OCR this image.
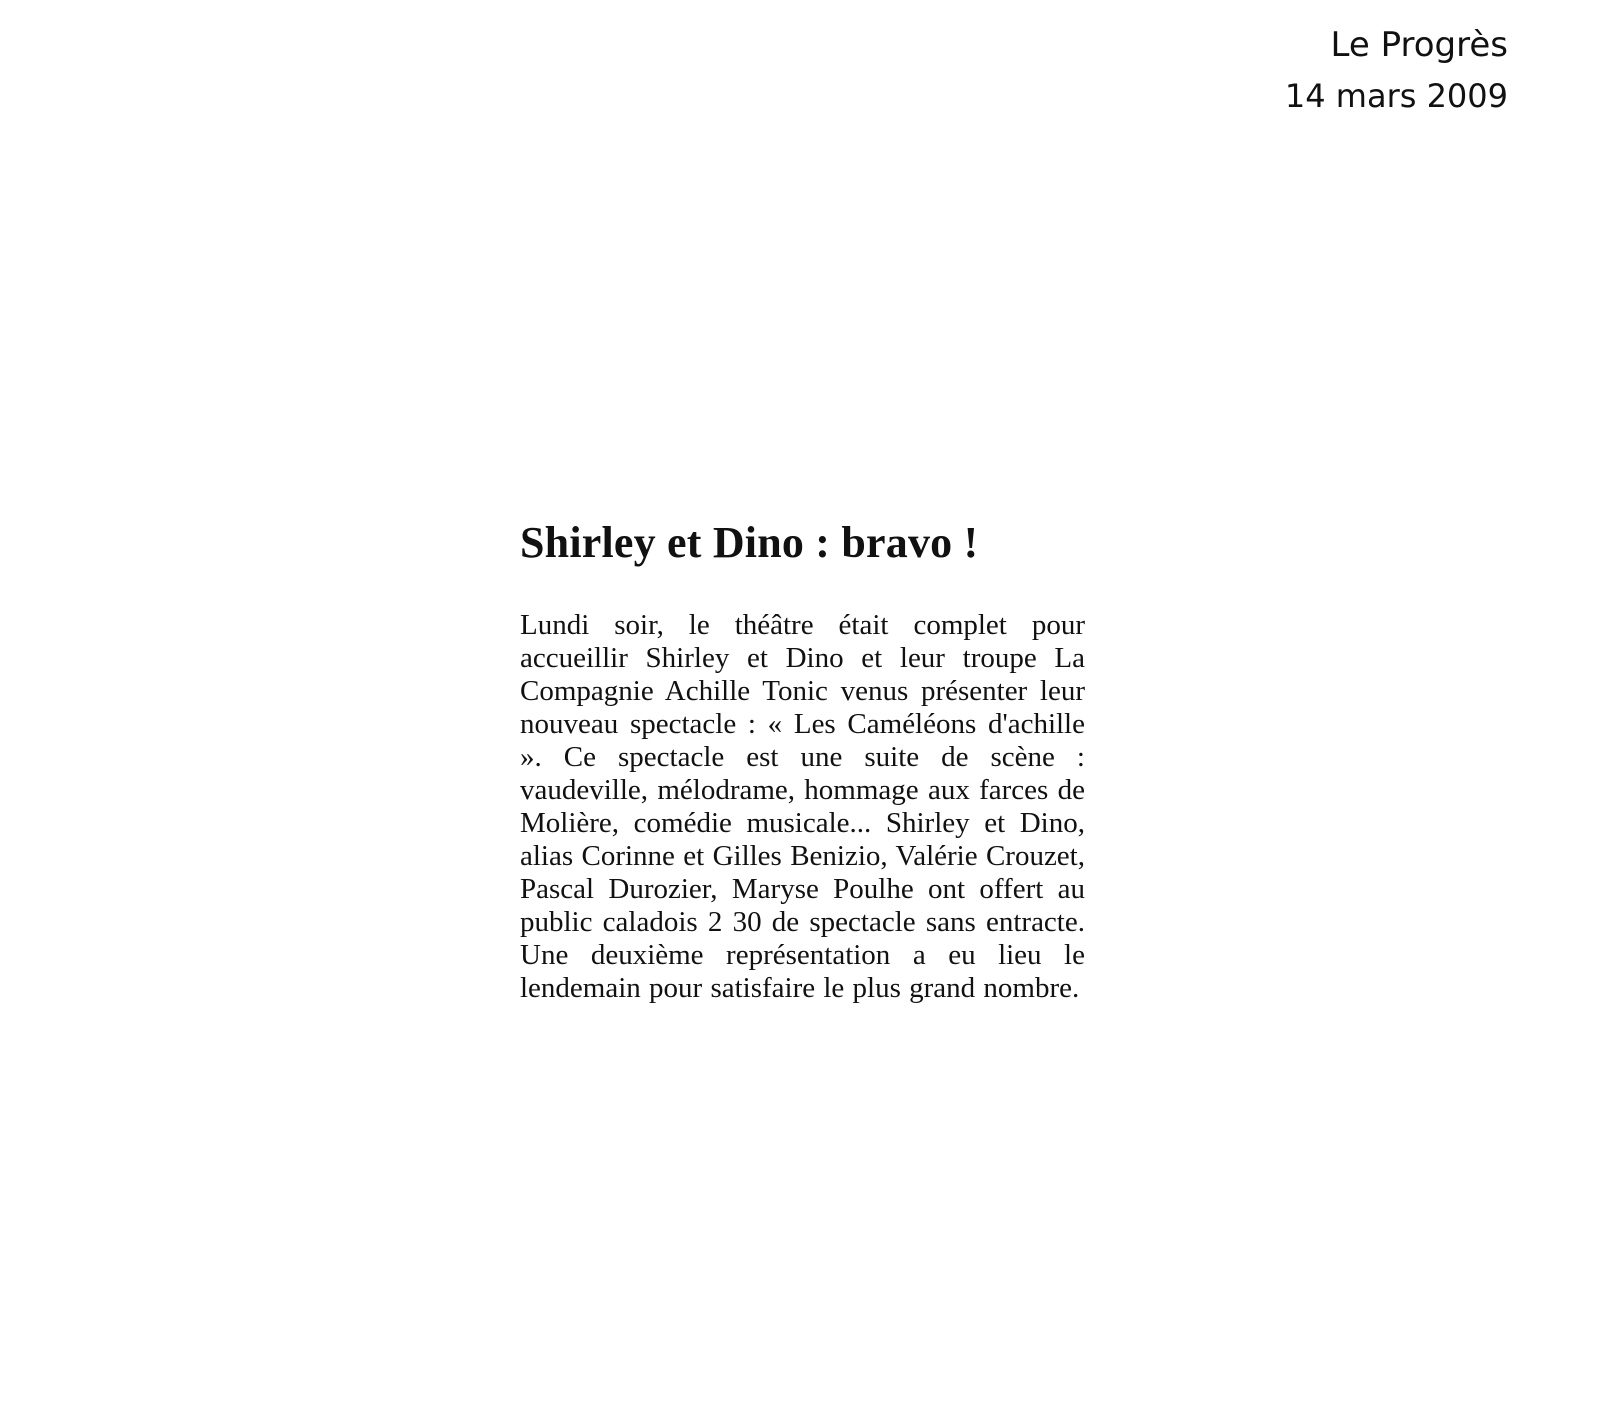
Le Progrès

14 mars 2009

Shirley et Dino : bravo !

Lundi soir, le théâtre était complet pour accueillir Shirley et Dino et leur troupe La Compagnie Achille Tonic venus présenter leur nouveau spectacle : « Les Caméléons d'achille ». Ce spectacle est une suite de scène : vaudeville, mélodrame, hommage aux farces de Molière, comédie musicale... Shirley et Dino, alias Corinne et Gilles Benizio, Valérie Crouzet, Pascal Durozier, Maryse Poulhe ont offert au public caladois 2 30 de spectacle sans entracte. Une deuxième représentation a eu lieu le lendemain pour satisfaire le plus grand nombre.
